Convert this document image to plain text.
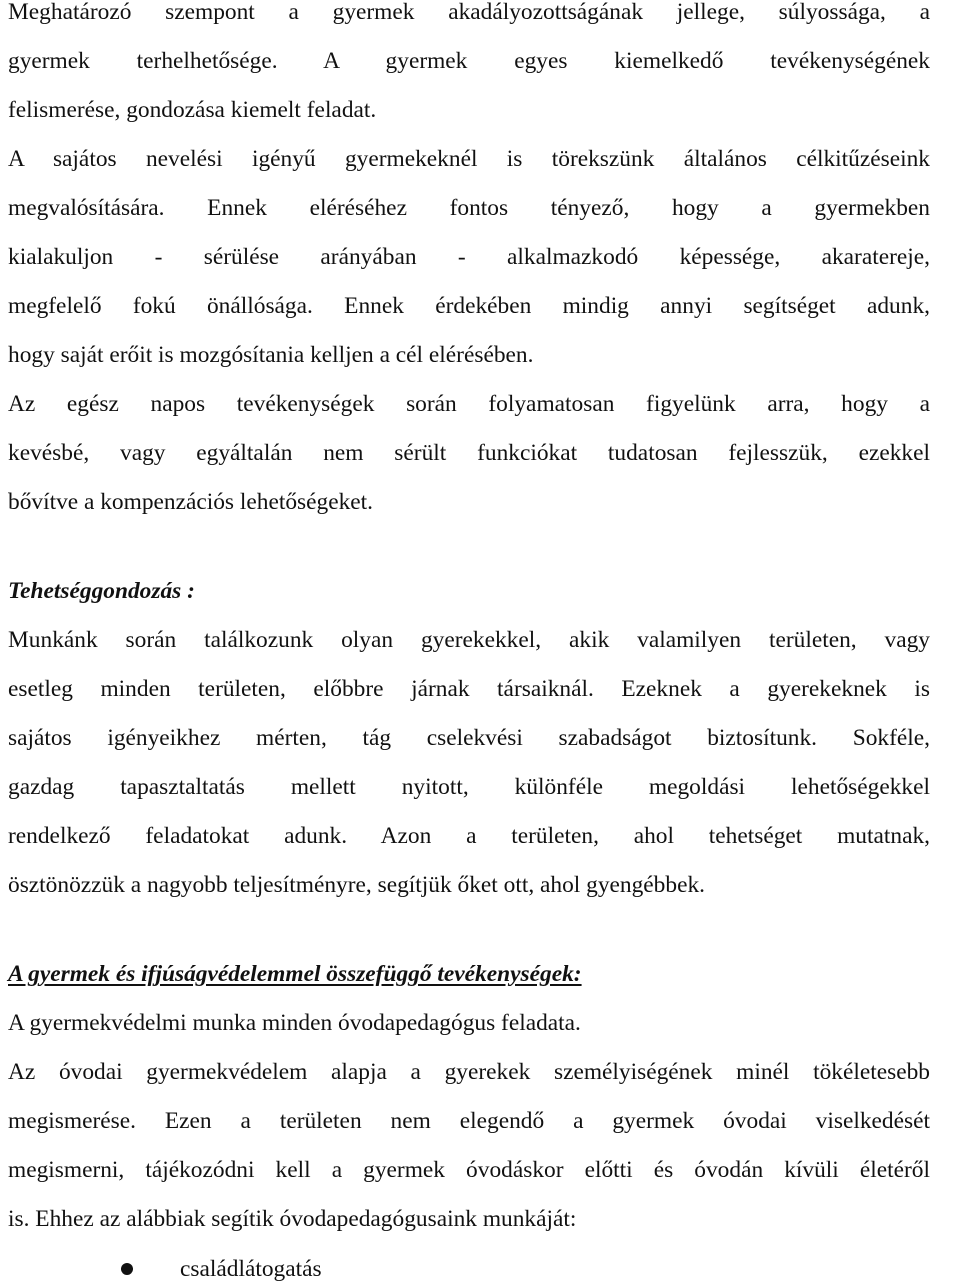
Meghatározó szempont a gyermek akadályozottságának jellege, súlyossága, a
gyermek terhelhetősége. A gyermek egyes kiemelkedő tevékenységének
felismerése, gondozása kiemelt feladat.
A sajátos nevelési igényű gyermekeknél is törekszünk általános célkitűzéseink
megvalósítására. Ennek eléréséhez fontos tényező, hogy a gyermekben
kialakuljon - sérülése arányában - alkalmazkodó képessége, akaratereje,
megfelelő fokú önállósága. Ennek érdekében mindig annyi segítséget adunk,
hogy saját erőit is mozgósítania kelljen a cél elérésében.
Az egész napos tevékenységek során folyamatosan figyelünk arra, hogy a
kevésbé, vagy egyáltalán nem sérült funkciókat tudatosan fejlesszük, ezekkel
bővítve a kompenzációs lehetőségeket.
Tehetséggondozás :
Munkánk során találkozunk olyan gyerekekkel, akik valamilyen területen, vagy
esetleg minden területen, előbbre járnak társaiknál. Ezeknek a gyerekeknek is
sajátos igényeikhez mérten, tág cselekvési szabadságot biztosítunk. Sokféle,
gazdag tapasztaltatás mellett nyitott, különféle megoldási lehetőségekkel
rendelkező feladatokat adunk. Azon a területen, ahol tehetséget mutatnak,
ösztönözzük a nagyobb teljesítményre, segítjük őket ott, ahol gyengébbek.
A gyermek és ifjúságvédelemmel összefüggő tevékenységek:
A gyermekvédelmi munka minden óvodapedagógus feladata.
Az óvodai gyermekvédelem alapja a gyerekek személyiségének minél tökéletesebb
megismerése. Ezen a területen nem elegendő a gyermek óvodai viselkedését
megismerni, tájékozódni kell a gyermek óvodáskor előtti és óvodán kívüli életéről
is. Ehhez az alábbiak segítik óvodapedagógusaink munkáját:
családlátogatás
